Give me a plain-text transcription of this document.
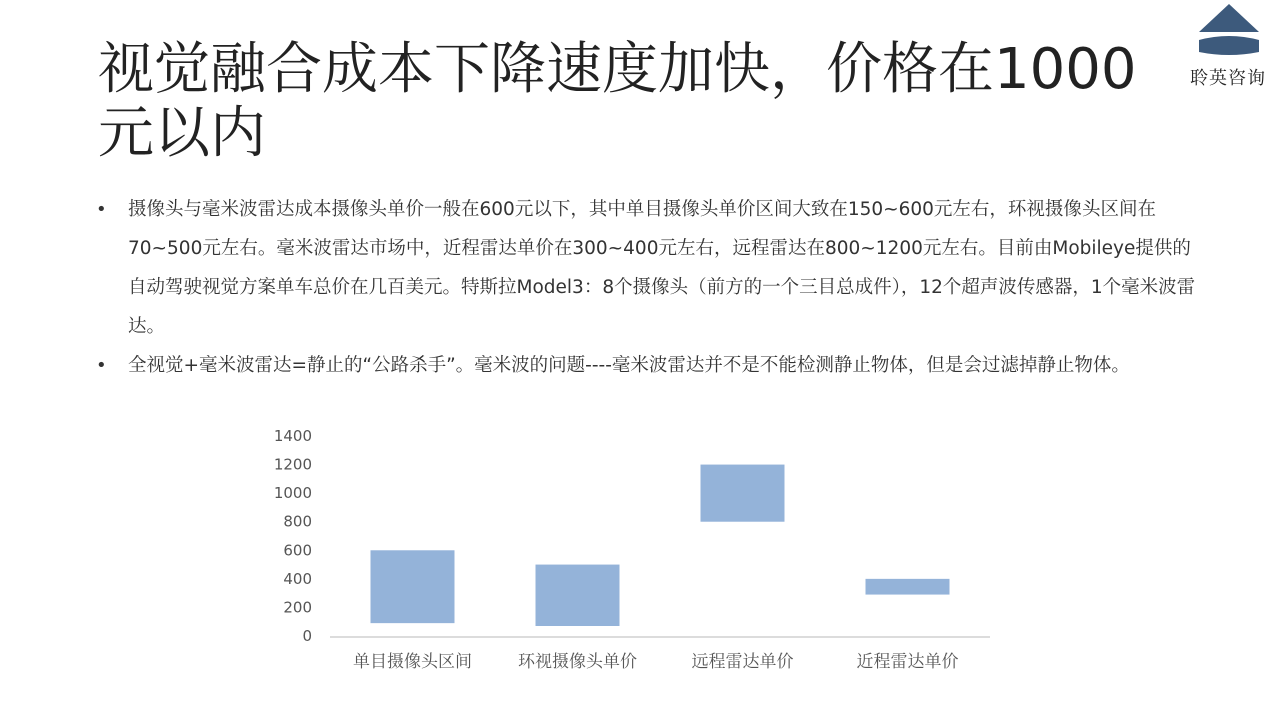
视觉融合成本下降速度加快，价格在1000元以内
聆英咨询
• 摄像头与毫米波雷达成本摄像头单价一般在600元以下，其中单目摄像头单价区间大致在150~600元左右，环视摄像头区间在70~500元左右。毫米波雷达市场中，近程雷达单价在300~400元左右，远程雷达在800~1200元左右。目前由Mobileye提供的自动驾驶视觉方案单车总价在几百美元。特斯拉Model3：8个摄像头（前方的一个三目总成件），12个超声波传感器，1个毫米波雷达。
• 全视觉+毫米波雷达=静止的“公路杀手”。毫米波的问题----毫米波雷达并不是不能检测静止物体，但是会过滤掉静止物体。
0
200
400
600
800
1000
1200
1400
单目摄像头区间	环视摄像头单价	远程雷达单价	近程雷达单价
